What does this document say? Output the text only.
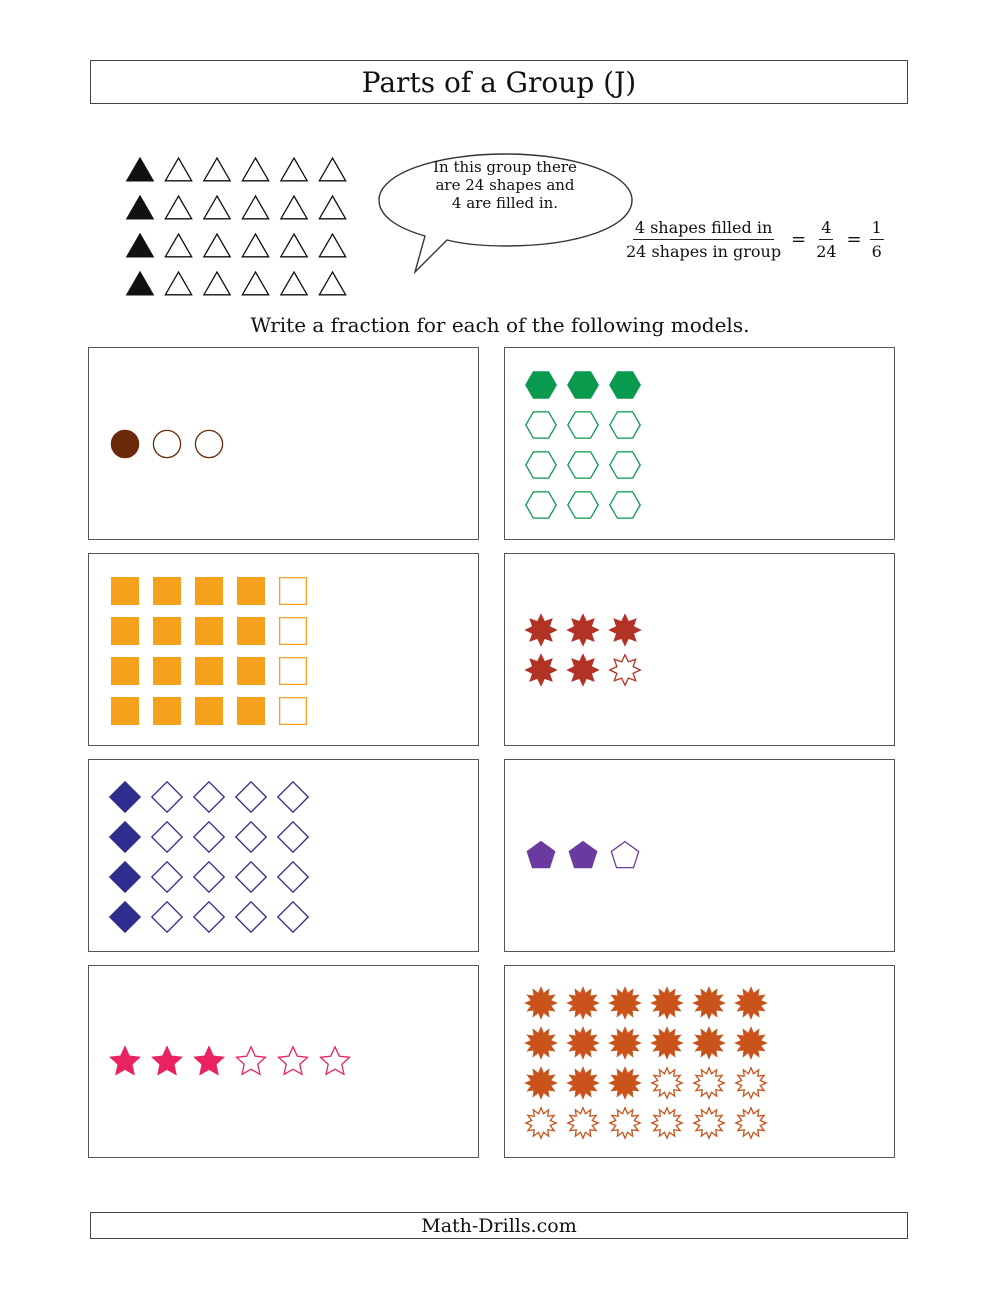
Parts of a Group (J)
In this group there
are 24 shapes and
4 are filled in.
$\frac{\text{4 shapes filled in}}{\text{24 shapes in group}} = \frac{4}{24} = \frac{1}{6}$
Write a fraction for each of the following models.
Math-Drills.com
